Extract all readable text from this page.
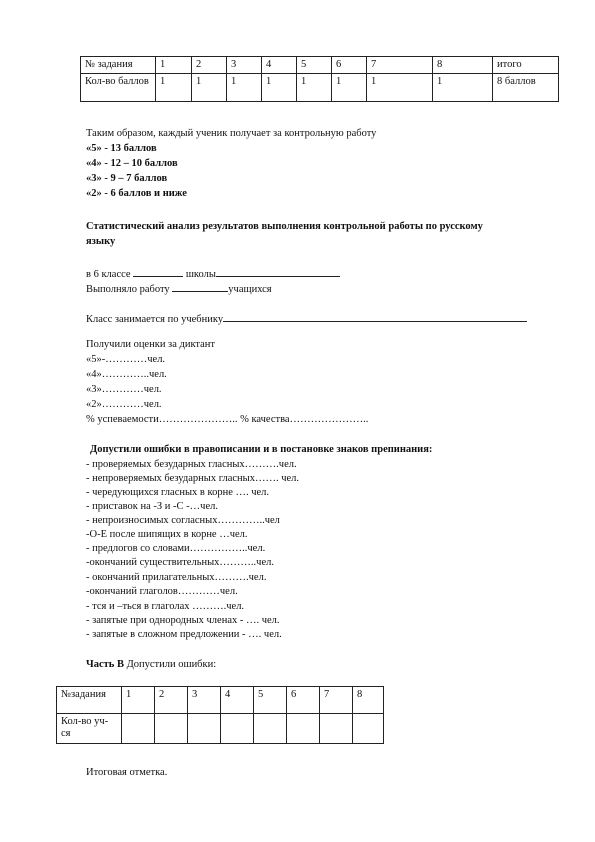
№ задания	1	2	3	4	5	6	7	8	итого
Кол-во баллов	1	1	1	1	1	1	1	1	8 баллов
Таким образом, каждый ученик получает за контрольную работу
«5» - 13 баллов
«4» - 12 – 10 баллов
«3» - 9 – 7 баллов
«2» - 6 баллов и ниже
Статистический анализ результатов выполнения контрольной работы по русскому
языку
в 6 классе	школы
Выполняло работу	учащихся
Класс занимается по учебнику
Получили оценки за диктант
«5»-…………чел.
«4»…………..чел.
«3»…………чел.
«2»…………чел.
% успеваемости………………….. % качества…………………..
Допустили ошибки в правописании и в постановке знаков препинания:
- проверяемых безударных гласных……….чел.
- непроверяемых безударных гласных……. чел.
- чередующихся гласных в корне …. чел.
- приставок на -З и -С -…чел.
- непроизносимых согласных…………..чел
-О-Е после шипящих в корне …чел.
- предлогов со словами……………..чел.
-окончаний существительных………..чел.
- окончаний прилагательных……….чел.
-окончаний глаголов…………чел.
- тся и –ться в глаголах ……….чел.
- запятые при однородных членах - …. чел.
- запятые в сложном предложении - …. чел.
Часть В Допустили ошибки:
№задания	1	2	3	4	5	6	7	8
Кол-во уч-ся								
Итоговая отметка.
